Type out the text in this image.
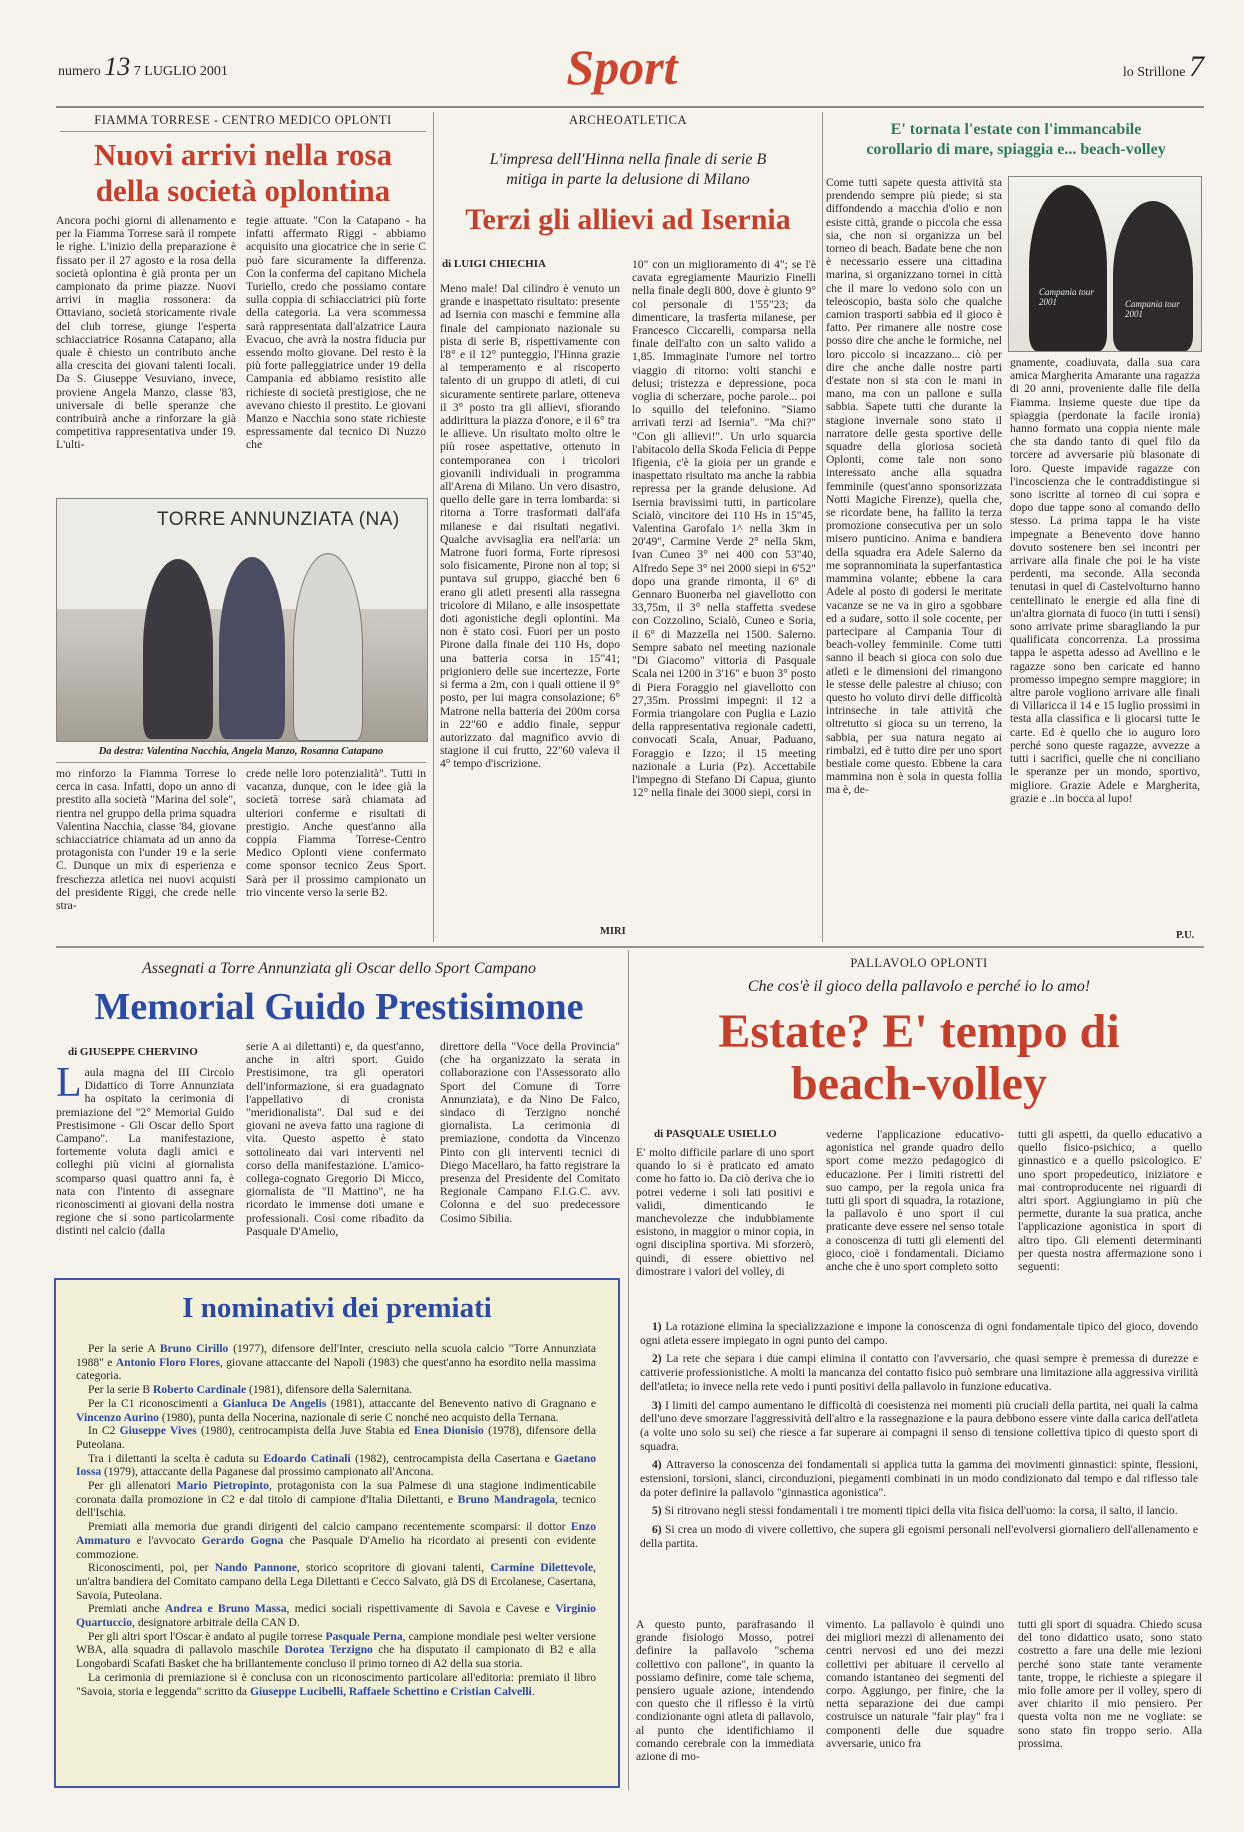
numero 13 7 LUGLIO 2001	Sport	lo Strillone 7
FIAMMA TORRESE - CENTRO MEDICO OPLONTI
Nuovi arrivi nella rosa
della società oplontina
Ancora pochi giorni di allenamento e per la Fiamma Torrese sarà il rompete le righe. L'inizio della preparazione è fissato per il 27 agosto e la rosa della società oplontina è già pronta per un campionato da prime piazze. Nuovi arrivi in maglia rossonera: da Ottaviano, società storicamente rivale del club torrese, giunge l'esperta schiacciatrice Rosanna Catapano, alla quale è chiesto un contributo anche alla crescita dei giovani talenti locali. Da S. Giuseppe Vesuviano, invece, proviene Angela Manzo, classe '83, universale di belle speranze che contribuirà anche a rinforzare la già competitiva rappresentativa under 19. L'ulti-
tegie attuate. "Con la Catapano - ha infatti affermato Riggi - abbiamo acquisito una giocatrice che in serie C può fare sicuramente la differenza. Con la conferma del capitano Michela Turiello, credo che possiamo contare sulla coppia di schiacciatrici più forte della categoria. La vera scommessa sarà rappresentata dall'alzatrice Laura Evacuo, che avrà la nostra fiducia pur essendo molto giovane. Del resto è la più forte palleggiatrice under 19 della Campania ed abbiamo resistito alle richieste di società prestigiose, che ne avevano chiesto il prestito. Le giovani Manzo e Nacchia sono state richieste espressamente dal tecnico Di Nuzzo che
TORRE ANNUNZIATA (NA)
Da destra: Valentina Nacchia, Angela Manzo, Rosanna Catapano
mo rinforzo la Fiamma Torrese lo cerca in casa. Infatti, dopo un anno di prestito alla società "Marina del sole", rientra nel gruppo della prima squadra Valentina Nacchia, classe '84, giovane schiacciatrice chiamata ad un anno da protagonista con l'under 19 e la serie C. Dunque un mix di esperienza e freschezza atletica nei nuovi acquisti del presidente Riggi, che crede nelle stra-
crede nelle loro potenzialità". Tutti in vacanza, dunque, con le idee già la società torrese sarà chiamata ad ulteriori conferme e risultati di prestigio. Anche quest'anno alla coppia Fiamma Torrese-Centro Medico Oplonti viene confermato come sponsor tecnico Zeus Sport. Sarà per il prossimo campionato un trio vincente verso la serie B2.
ARCHEOATLETICA
L'impresa dell'Hinna nella finale di serie B
mitiga in parte la delusione di Milano
Terzi gli allievi ad Isernia
di LUIGI CHIECHIA
Meno male! Dal cilindro è venuto un grande e inaspettato risultato: presente ad Isernia con maschi e femmine alla finale del campionato nazionale su pista di serie B, rispettivamente con l'8° e il 12° punteggio, l'Hinna grazie al temperamento e al riscoperto talento di un gruppo di atleti, di cui sicuramente sentirete parlare, otteneva il 3° posto tra gli allievi, sfiorando addirittura la piazza d'onore, e il 6° tra le allieve. Un risultato molto oltre le più rosee aspettative, ottenuto in contemporanea con i tricolori giovanili individuali in programma all'Arena di Milano. Un vero disastro, quello delle gare in terra lombarda: si ritorna a Torre trasformati dall'afa milanese e dai risultati negativi. Qualche avvisaglia era nell'aria: un Matrone fuori forma, Forte ripresosi solo fisicamente, Pirone non al top; si puntava sul gruppo, giacché ben 6 erano gli atleti presenti alla rassegna tricolore di Milano, e alle insospettate doti agonistiche degli oplontini. Ma non è stato così. Fuori per un posto Pirone dalla finale dei 110 Hs, dopo una batteria corsa in 15"41; prigioniero delle sue incertezze, Forte si ferma a 2m, con i quali ottiene il 9° posto, per lui magra consolazione; 6° Matrone nella batteria dei 200m corsa in 22"60 e addio finale, seppur autorizzato dal magnifico avvio di stagione il cui frutto, 22"60 valeva il 4° tempo d'iscrizione.
MIRI
10" con un miglioramento di 4"; se l'è cavata egregiamente Maurizio Finelli nella finale degli 800, dove è giunto 9° col personale di 1'55"23; da dimenticare, la trasferta milanese, per Francesco Ciccarelli, comparsa nella finale dell'alto con un salto valido a 1,85. Immaginate l'umore nel tortro viaggio di ritorno: volti stanchi e delusi; tristezza e depressione, poca voglia di scherzare, poche parole... poi lo squillo del telefonino. "Siamo arrivati terzi ad Isernia". "Ma chi?" "Con gli allievi!". Un urlo squarcia l'abitacolo della Skoda Felicia di Peppe Ifigenia, c'è la gioia per un grande e inaspettato risultato ma anche la rabbia repressa per la grande delusione. Ad Isernia bravissimi tutti, in particolare Scialò, vincitore dei 110 Hs in 15"45, Valentina Garofalo 1^ nella 3km in 20'49", Carmine Verde 2° nella 5km, Ivan Cuneo 3° nei 400 con 53"40, Alfredo Sepe 3° nei 2000 siepi in 6'52" dopo una grande rimonta, il 6° di Gennaro Buonerba nel giavellotto con 33,75m, il 3° nella staffetta svedese con Cozzolino, Scialò, Cuneo e Soria, il 6° di Mazzella nei 1500. Salerno. Sempre sabato nel meeting nazionale "Di Giacomo" vittoria di Pasquale Scala nei 1200 in 3'16" e buon 3° posto di Piera Foraggio nel giavellotto con 27,35m. Prossimi impegni: il 12 a Formia triangolare con Puglia e Lazio della rappresentativa regionale cadetti, convocati Scala, Anuar, Paduano, Foraggio e Izzo; il 15 meeting nazionale a Luria (Pz). Accettabile l'impegno di Stefano Di Capua, giunto 12° nella finale dei 3000 siepi, corsi in
E' tornata l'estate con l'immancabile
corollario di mare, spiaggia e... beach-volley
Come tutti sapete questa attività sta prendendo sempre più piede; si sta diffondendo a macchia d'olio e non esiste città, grande o piccola che essa sia, che non si organizza un bel torneo di beach. Badate bene che non è necessario essere una cittadina marina, si organizzano tornei in città che il mare lo vedono solo con un teleoscopio, basta solo che qualche camion trasporti sabbia ed il gioco è fatto. Per rimanere alle nostre cose posso dire che anche le formiche, nel loro piccolo si incazzano... ciò per dire che anche dalle nostre parti d'estate non si sta con le mani in mano, ma con un pallone e sulla sabbia. Sapete tutti che durante la stagione invernale sono stato il narratore delle gesta sportive delle squadre della gloriosa società Oplonti, come tale non sono interessato anche alla squadra femminile (quest'anno sponsorizzata Notti Magiche Firenze), quella che, se ricordate bene, ha fallito la terza promozione consecutiva per un solo misero punticino. Anima e bandiera della squadra era Adele Salerno da me soprannominata la superfantastica mammina volante; ebbene la cara Adele al posto di godersi le meritate vacanze se ne va in giro a sgobbare ed a sudare, sotto il sole cocente, per partecipare al Campania Tour di beach-volley femminile. Come tutti sanno il beach si gioca con solo due atleti e le dimensioni del rimangono le stesse delle palestre al chiuso; con questo ho voluto dirvi delle difficoltà intrinseche in tale attività che oltretutto si gioca su un terreno, la sabbia, per sua natura negato ai rimbalzi, ed è tutto dire per uno sport bestiale come questo. Ebbene la cara mammina non è sola in questa follia ma è, de-
Campania tour 2001	Campania tour 2001
gnamente, coadiuvata, dalla sua cara amica Margherita Amarante una ragazza di 20 anni, proveniente dalle file della Fiamma. Insieme queste due tipe da spiaggia (perdonate la facile ironia) hanno formato una coppia niente male che sta dando tanto di quel filo da torcere ad avversarie più blasonate di loro. Queste impavide ragazze con l'incoscienza che le contraddistingue si sono iscritte al torneo di cui sopra e dopo due tappe sono al comando dello stesso. La prima tappa le ha viste impegnate a Benevento dove hanno dovuto sostenere ben sei incontri per arrivare alla finale che poi le ha viste perdenti, ma seconde. Alla seconda tenutasi in quel di Castelvolturno hanno centellinato le energie ed alla fine di un'altra giornata di fuoco (in tutti i sensi) sono arrivate prime sbaragliando la pur qualificata concorrenza. La prossima tappa le aspetta adesso ad Avellino e le ragazze sono ben caricate ed hanno promesso impegno sempre maggiore; in altre parole vogliono arrivare alle finali di Villaricca il 14 e 15 luglio prossimi in testa alla classifica e li giocarsi tutte le carte. Ed è quello che io auguro loro perché sono queste ragazze, avvezze a tutti i sacrifici, quelle che ni conciliano le speranze per un mondo, sportivo, migliore. Grazie Adele e Margherita, grazie e ..in bocca al lupo!
P.U.
Assegnati a Torre Annunziata gli Oscar dello Sport Campano
Memorial Guido Prestisimone
di GIUSEPPE CHERVINO
Laula magna del III Circolo Didattico di Torre Annunziata ha ospitato la cerimonia di premiazione del "2° Memorial Guido Prestisimone - Gli Oscar dello Sport Campano". La manifestazione, fortemente voluta dagli amici e colleghi più vicini al giornalista scomparso quasi quattro anni fa, è nata con l'intento di assegnare riconoscimenti ai giovani della nostra regione che si sono particolarmente distinti nel calcio (dalla
serie A ai dilettanti) e, da quest'anno, anche in altri sport. Guido Prestisimone, tra gli operatori dell'informazione, si era guadagnato l'appellativo di cronista "meridionalista". Dal sud e dei giovani ne aveva fatto una ragione di vita. Questo aspetto è stato sottolineato dai vari interventi nel corso della manifestazione. L'amico-collega-cognato Gregorio Di Micco, giornalista de "Il Mattino", ne ha ricordato le immense doti umane e professionali. Così come ribadito da Pasquale D'Amelio,
direttore della "Voce della Provincia" (che ha organizzato la serata in collaborazione con l'Assessorato allo Sport del Comune di Torre Annunziata), e da Nino De Falco, sindaco di Terzigno nonché giornalista. La cerimonia di premiazione, condotta da Vincenzo Pinto con gli interventi tecnici di Diego Macellaro, ha fatto registrare la presenza del Presidente del Comitato Regionale Campano F.I.G.C. avv. Colonna e del suo predecessore Cosimo Sibilia.
I nominativi dei premiati

Per la serie A Bruno Cirillo (1977), difensore dell'Inter, cresciuto nella scuola calcio "Torre Annunziata 1988" e Antonio Floro Flores, giovane attaccante del Napoli (1983) che quest'anno ha esordito nella massima categoria.

Per la serie B Roberto Cardinale (1981), difensore della Salernitana.

Per la C1 riconoscimenti a Gianluca De Angelis (1981), attaccante del Benevento nativo di Gragnano e Vincenzo Aurino (1980), punta della Nocerina, nazionale di serie C nonché neo acquisto della Ternana.

In C2 Giuseppe Vives (1980), centrocampista della Juve Stabia ed Enea Dionisio (1978), difensore della Puteolana.

Tra i dilettanti la scelta è caduta su Edoardo Catinali (1982), centrocampista della Casertana e Gaetano Iossa (1979), attaccante della Paganese dal prossimo campionato all'Ancona.

Per gli allenatori Mario Pietropinto, protagonista con la sua Palmese di una stagione indimenticabile coronata dalla promozione in C2 e dal titolo di campione d'Italia Dilettanti, e Bruno Mandragola, tecnico dell'Ischia.

Premiati alla memoria due grandi dirigenti del calcio campano recentemente scomparsi: il dottor Enzo Ammaturo e l'avvocato Gerardo Gogna che Pasquale D'Amelio ha ricordato ai presenti con evidente commozione.

Riconoscimenti, poi, per Nando Pannone, storico scopritore di giovani talenti, Carmine Dilettevole, un'altra bandiera del Comitato campano della Lega Dilettanti e Cecco Salvato, già DS di Ercolanese, Casertana, Savoia, Puteolana.

Premiati anche Andrea e Bruno Massa, medici sociali rispettivamente di Savoia e Cavese e Virginio Quartuccio, designatore arbitrale della CAN D.

Per gli altri sport l'Oscar è andato al pugile torrese Pasquale Perna, campione mondiale pesi welter versione WBA, alla squadra di pallavolo maschile Dorotea Terzigno che ha disputato il campionato di B2 e alla Longobardi Scafati Basket che ha brillantemente concluso il primo torneo di A2 della sua storia.

La cerimonia di premiazione si è conclusa con un riconoscimento particolare all'editoria: premiato il libro "Savoia, storia e leggenda" scritto da Giuseppe Lucibelli, Raffaele Schettino e Cristian Calvelli.

PALLAVOLO OPLONTI
Che cos'è il gioco della pallavolo e perché io lo amo!
Estate? E' tempo di
beach-volley
di PASQUALE USIELLO
E' molto difficile parlare di uno sport quando lo si è praticato ed amato come ho fatto io. Da ciò deriva che io potrei vederne i soli lati positivi e validi, dimenticando le manchevolezze che indubbiamente esistono, in maggior o minor copia, in ogni disciplina sportiva. Mi sforzerò, quindi, di essere obiettivo nel dimostrare i valori del volley, di
vederne l'applicazione educativo-agonistica nel grande quadro dello sport come mezzo pedagogico di educazione. Per i limiti ristretti del suo campo, per la regola unica fra tutti gli sport di squadra, la rotazione, la pallavolo è uno sport il cui praticante deve essere nel senso totale a conoscenza di tutti gli elementi del gioco, cioè i fondamentali. Diciamo anche che è uno sport completo sotto
tutti gli aspetti, da quello educativo a quello fisico-psichico, a quello ginnastico e a quello psicologico. E' uno sport propedeutico, iniziatore e mai controproducente nei riguardi di altri sport. Aggiungiamo in più che permette, durante la sua pratica, anche l'applicazione agonistica in sport di altro tipo. Gli elementi determinanti per questa nostra affermazione sono i seguenti:

1) La rotazione elimina la specializzazione e impone la conoscenza di ogni fondamentale tipico del gioco, dovendo ogni atleta essere impiegato in ogni punto del campo.

2) La rete che separa i due campi elimina il contatto con l'avversario, che quasi sempre è premessa di durezze e cattiverie professionistiche. A molti la mancanza del contatto fisico può sembrare una limitazione alla aggressiva virilità dell'atleta; io invece nella rete vedo i punti positivi della pallavolo in funzione educativa.

3) I limiti del campo aumentano le difficoltà di coesistenza nei momenti più cruciali della partita, nei quali la calma dell'uno deve smorzare l'aggressività dell'altro e la rassegnazione e la paura debbono essere vinte dalla carica dell'atleta (a volte uno solo su sei) che riesce a far superare ai compagni il senso di tensione collettiva tipico di questo sport di squadra.

4) Attraverso la conoscenza dei fondamentali si applica tutta la gamma dei movimenti ginnastici: spinte, flessioni, estensioni, torsioni, slanci, circonduzioni, piegamenti combinati in un modo condizionato dal tempo e dal riflesso tale da poter definire la pallavolo "ginnastica agonistica".

5) Si ritrovano negli stessi fondamentali i tre momenti tipici della vita fisica dell'uomo: la corsa, il salto, il lancio.

6) Si crea un modo di vivere collettivo, che supera gli egoismi personali nell'evolversi giornaliero dell'allenamento e della partita.

A questo punto, parafrasando il grande fisiologo Mosso, potrei definire la pallavolo "schema collettivo con pallone", in quanto la possiamo definire, come tale schema, pensiero uguale azione, intendendo con questo che il riflesso è la virtù condizionante ogni atleta di pallavolo, al punto che identifichiamo il comando cerebrale con la immediata azione di mo-
vimento. La pallavolo è quindi uno dei migliori mezzi di allenamento dei centri nervosi ed uno dei mezzi collettivi per abituare il cervello al comando istantaneo dei segmenti del corpo. Aggiungo, per finire, che la netta separazione dei due campi costruisce un naturale "fair play" fra i componenti delle due squadre avversarie, unico fra
tutti gli sport di squadra. Chiedo scusa del tono didattico usato, sono stato costretto a fare una delle mie lezioni perché sono state tante veramente tante, troppe, le richieste a spiegare il mio folle amore per il volley, spero di aver chiarito il mio pensiero. Per questa volta non me ne vogliate: se sono stato fin troppo serio. Alla prossima.
